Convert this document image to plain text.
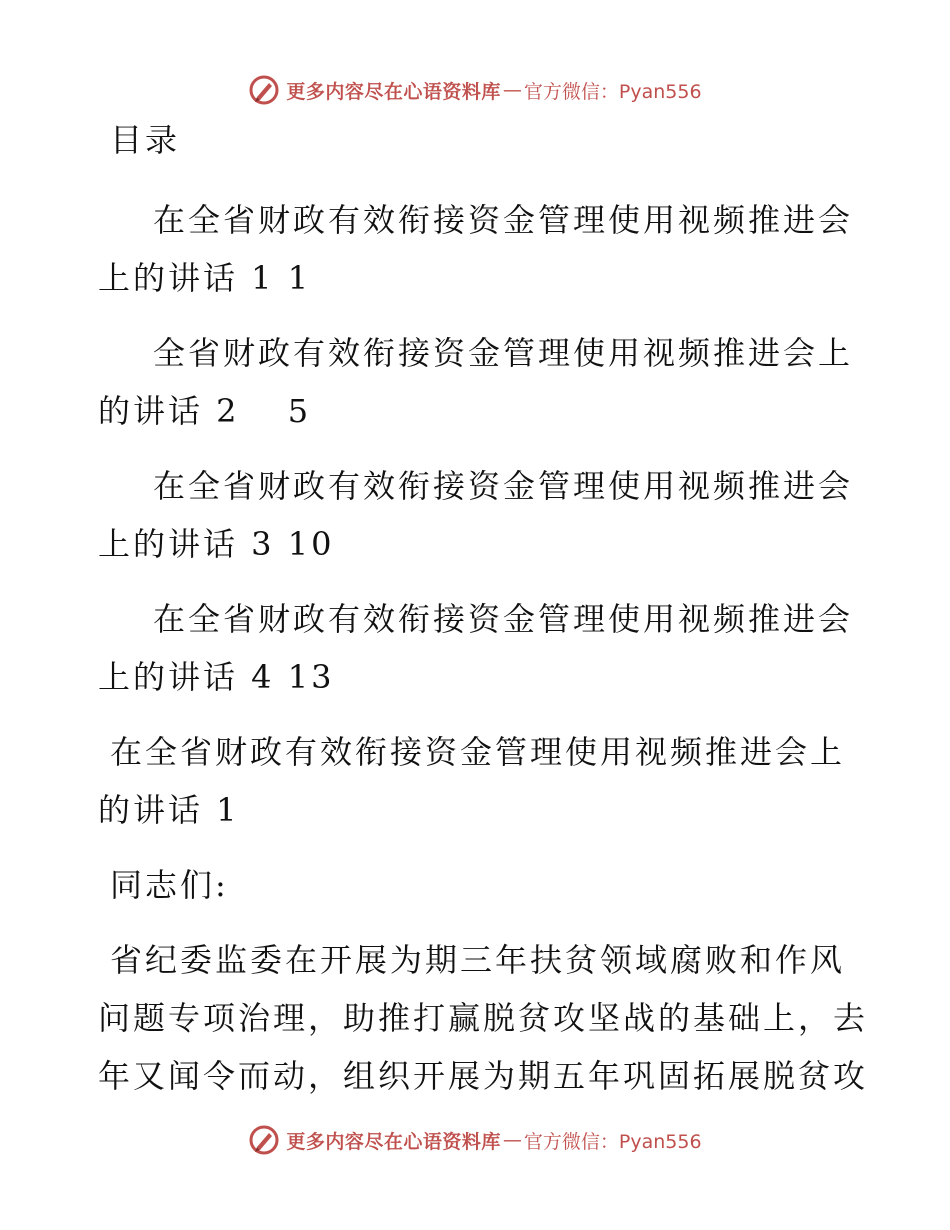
更多内容尽在心语资料库 — 官方微信：Pyan556
目录
在全省财政有效衔接资金管理使用视频推进会
上的讲话 1 1
全省财政有效衔接资金管理使用视频推进会上
的讲话 2　 5
在全省财政有效衔接资金管理使用视频推进会
上的讲话 3 10
在全省财政有效衔接资金管理使用视频推进会
上的讲话 4 13
在全省财政有效衔接资金管理使用视频推进会上
的讲话 1
同志们:
省纪委监委在开展为期三年扶贫领域腐败和作风
问题专项治理，助推打赢脱贫攻坚战的基础上，去
年又闻令而动，组织开展为期五年巩固拓展脱贫攻
更多内容尽在心语资料库 — 官方微信：Pyan556
